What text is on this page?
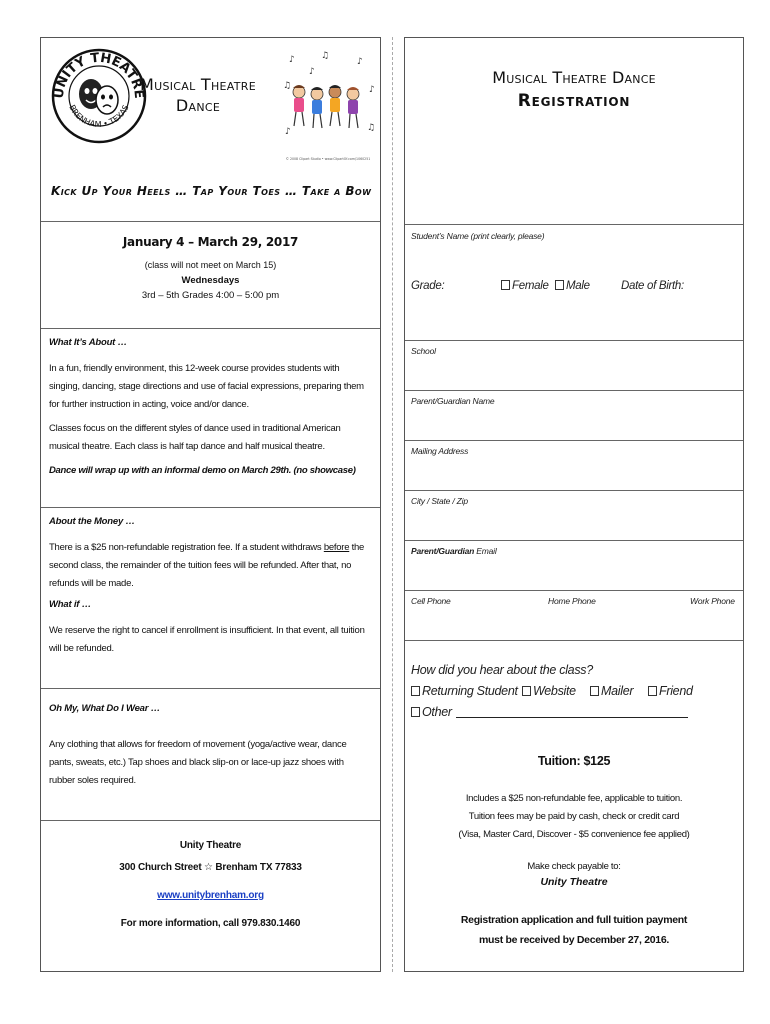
UNITY THEATRE
BRENHAM • TEXAS
Musical Theatre
Dance
♪	♫
♪
♫	♪
♪
♪	♫
© 2008 Clipart Studio • www.ClipartOf.com/1060251
Kick Up Your Heels … Tap Your Toes … Take a Bow
January 4 – March 29, 2017
(class will not meet on March 15)
Wednesdays
3rd – 5th Grades 4:00 – 5:00 pm
What It’s About …
In a fun, friendly environment, this 12-week course provides students with singing, dancing, stage directions and use of facial expressions, preparing them for further instruction in acting, voice and/or dance.
Classes focus on the different styles of dance used in traditional American musical theatre. Each class is half tap dance and half musical theatre.
Dance will wrap up with an informal demo on March 29th. (no showcase)
About the Money …
There is a $25 non-refundable registration fee. If a student withdraws before the second class, the remainder of the tuition fees will be refunded. After that, no refunds will be made.
What if …
We reserve the right to cancel if enrollment is insufficient. In that event, all tuition will be refunded.
Oh My, What Do I Wear …
Any clothing that allows for freedom of movement (yoga/active wear, dance pants, sweats, etc.) Tap shoes and black slip-on or lace-up jazz shoes with rubber soles required.
Unity Theatre
300 Church Street ☆ Brenham TX 77833
www.unitybrenham.org
For more information, call 979.830.1460
Musical Theatre Dance
Registration
Student’s Name (print clearly, please)
Grade:	Female	Male	Date of Birth:
School
Parent/Guardian Name
Mailing Address
City / State / Zip
Parent/Guardian Email
Cell Phone	Home Phone	Work Phone
How did you hear about the class?
Returning Student	Website	Mailer	Friend
Other
Tuition: $125
Includes a $25 non-refundable fee, applicable to tuition.
Tuition fees may be paid by cash, check or credit card
(Visa, Master Card, Discover - $5 convenience fee applied)
Make check payable to:
Unity Theatre
Registration application and full tuition payment
must be received by December 27, 2016.
